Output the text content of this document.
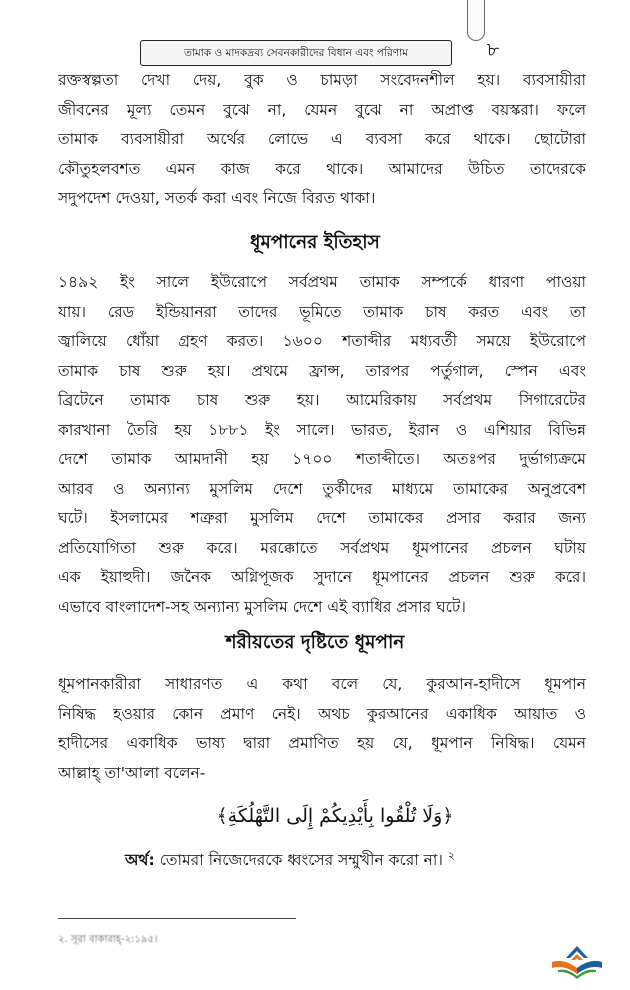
তামাক ও মাদকদ্রব্য সেবনকারীদের বিধান এবং পরিণাম	৮
রক্তস্বল্পতা দেখা দেয়, বুক ও চামড়া সংবেদনশীল হয়। ব্যবসায়ীরা
জীবনের মূল্য তেমন বুঝে না, যেমন বুঝে না অপ্রাপ্ত বয়স্করা। ফলে
তামাক ব্যবসায়ীরা অর্থের লোভে এ ব্যবসা করে থাকে। ছোটোরা
কৌতুহলবশত এমন কাজ করে থাকে। আমাদের উচিত তাদেরকে
সদুপদেশ দেওয়া, সতর্ক করা এবং নিজে বিরত থাকা।
ধূমপানের ইতিহাস
১৪৯২ ইং সালে ইউরোপে সর্বপ্রথম তামাক সম্পর্কে ধারণা পাওয়া
যায়। রেড ইন্ডিয়ানরা তাদের ভূমিতে তামাক চাষ করত এবং তা
জ্বালিয়ে ধোঁয়া গ্রহণ করত। ১৬০০ শতাব্দীর মধ্যবর্তী সময়ে ইউরোপে
তামাক চাষ শুরু হয়। প্রথমে ফ্রান্স, তারপর পর্তুগাল, স্পেন এবং
ব্রিটেনে তামাক চাষ শুরু হয়। আমেরিকায় সর্বপ্রথম সিগারেটের
কারখানা তৈরি হয় ১৮৮১ ইং সালে। ভারত, ইরান ও এশিয়ার বিভিন্ন
দেশে তামাক আমদানী হয় ১৭০০ শতাব্দীতে। অতঃপর দুর্ভাগ্যক্রমে
আরব ও অন্যান্য মুসলিম দেশে তুর্কীদের মাধ্যমে তামাকের অনুপ্রবেশ
ঘটে। ইসলামের শত্রুরা মুসলিম দেশে তামাকের প্রসার করার জন্য
প্রতিযোগিতা শুরু করে। মরক্কোতে সর্বপ্রথম ধূমপানের প্রচলন ঘটায়
এক ইয়াহুদী। জনৈক অগ্নিপূজক সুদানে ধূমপানের প্রচলন শুরু করে।
এভাবে বাংলাদেশ-সহ অন্যান্য মুসলিম দেশে এই ব্যাধির প্রসার ঘটে।
শরীয়তের দৃষ্টিতে ধূমপান
ধূমপানকারীরা সাধারণত এ কথা বলে যে, কুরআন-হাদীসে ধূমপান
নিষিদ্ধ হওয়ার কোন প্রমাণ নেই। অথচ কুরআনের একাধিক আয়াত ও
হাদীসের একাধিক ভাষ্য দ্বারা প্রমাণিত হয় যে, ধূমপান নিষিদ্ধ। যেমন
আল্লাহ্‌ তা'আলা বলেন-
﴿وَلَا تُلْقُوا بِأَيْدِيكُمْ إِلَى التَّهْلُكَةِ﴾
অর্থ: তোমরা নিজেদেরকে ধ্বংসের সম্মুখীন করো না। $^২$
২. সূরা বাকারাহ্‌-২:১৯৫।
